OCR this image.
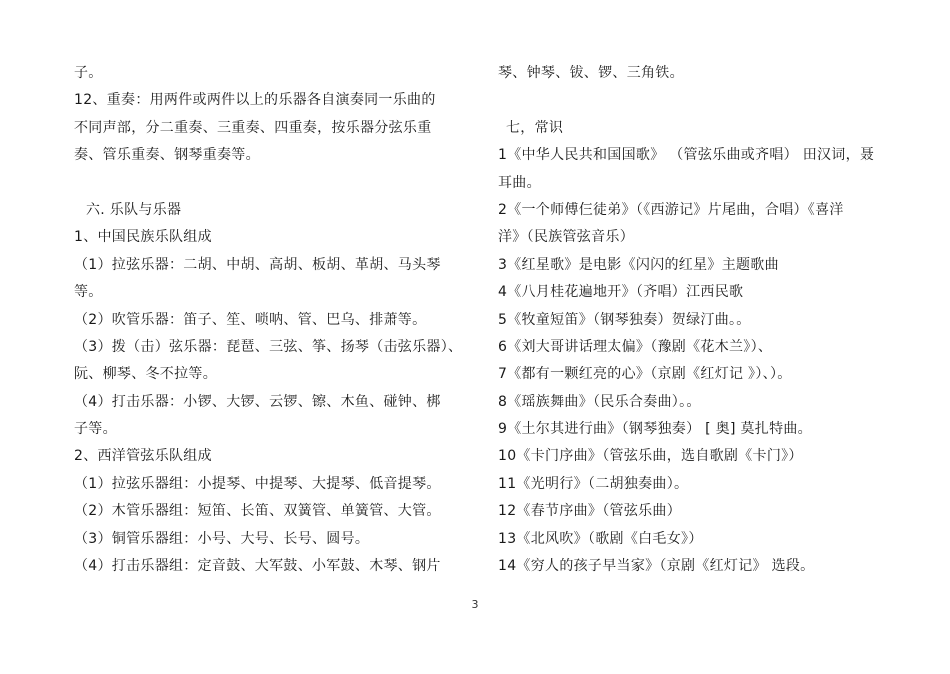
子。
12、重奏：用两件或两件以上的乐器各自演奏同一乐曲的
不同声部，分二重奏、三重奏、四重奏，按乐器分弦乐重
奏、管乐重奏、钢琴重奏等。
六. 乐队与乐器
1、中国民族乐队组成
（1）拉弦乐器：二胡、中胡、高胡、板胡、革胡、马头琴
等。
（2）吹管乐器：笛子、笙、唢呐、管、巴乌、排萧等。
（3）拨（击）弦乐器：琵琶、三弦、筝、扬琴（击弦乐器）、
阮、柳琴、冬不拉等。
（4）打击乐器：小锣、大锣、云锣、镲、木鱼、碰钟、梆
子等。
2、西洋管弦乐队组成
（1）拉弦乐器组：小提琴、中提琴、大提琴、低音提琴。
（2）木管乐器组：短笛、长笛、双簧管、单簧管、大管。
（3）铜管乐器组：小号、大号、长号、圆号。
（4）打击乐器组：定音鼓、大军鼓、小军鼓、木琴、钢片
琴、钟琴、钹、锣、三角铁。
七，常识
1《中华人民共和国国歌》 （管弦乐曲或齐唱） 田汉词，聂
耳曲。
2《一个师傅仨徒弟》（《西游记》片尾曲，合唱）《喜洋
洋》（民族管弦音乐）
3《红星歌》是电影《闪闪的红星》主题歌曲
4《八月桂花遍地开》（齐唱）江西民歌
5《牧童短笛》（钢琴独奏）贺绿汀曲。。
6《刘大哥讲话理太偏》（豫剧《花木兰》）、
7《都有一颗红亮的心》（京剧《红灯记 》）、）。
8《瑶族舞曲》（民乐合奏曲）。。
9《土尔其进行曲》（钢琴独奏） [ 奥] 莫扎特曲。
10《卡门序曲》（管弦乐曲，选自歌剧《卡门》）
11《光明行》（二胡独奏曲）。
12《春节序曲》（管弦乐曲）
13《北风吹》（歌剧《白毛女》）
14《穷人的孩子早当家》（京剧《红灯记》 选段。
3
